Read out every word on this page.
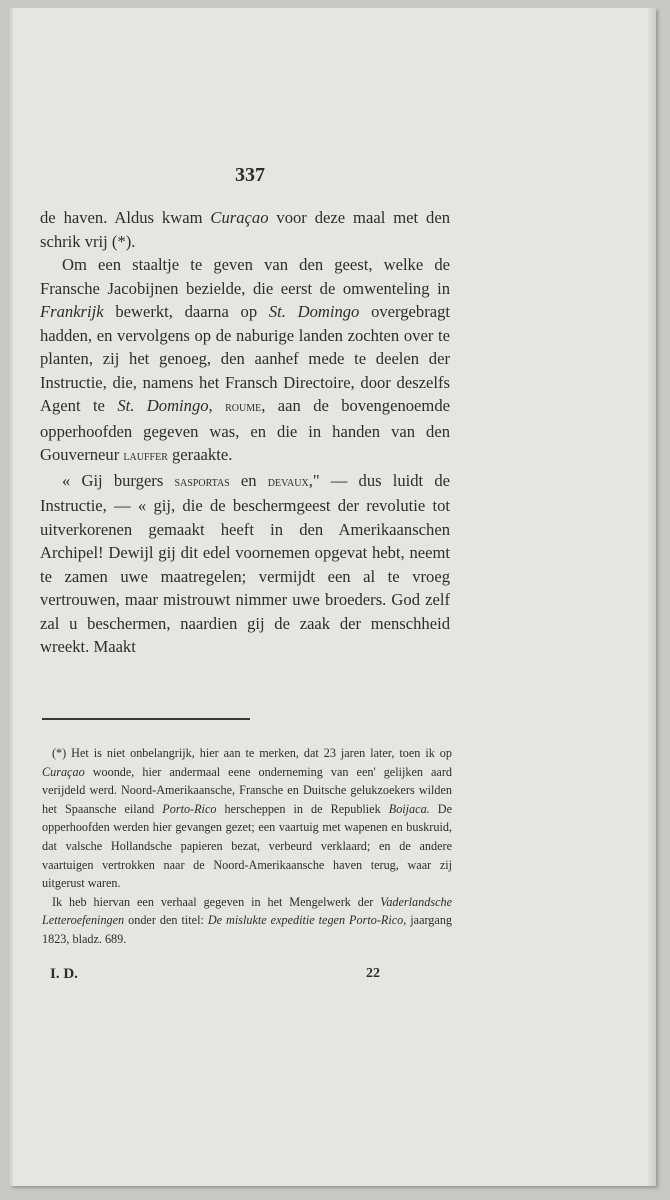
337

de haven. Aldus kwam Curaçao voor deze maal met den schrik vrij (*).

Om een staaltje te geven van den geest, welke de Fransche Jacobijnen bezielde, die eerst de omwenteling in Frankrijk bewerkt, daarna op St. Domingo overgebragt hadden, en vervolgens op de naburige landen zochten over te planten, zij het genoeg, den aanhef mede te deelen der Instructie, die, namens het Fransch Directoire, door deszelfs Agent te St. Domingo, roume, aan de bovengenoemde opperhoofden gegeven was, en die in handen van den Gouverneur lauffer geraakte.

« Gij burgers sasportas en devaux," — dus luidt de Instructie, — « gij, die de beschermgeest der revolutie tot uitverkorenen gemaakt heeft in den Amerikaanschen Archipel! Dewijl gij dit edel voornemen opgevat hebt, neemt te zamen uwe maatregelen; vermijdt een al te vroeg vertrouwen, maar mistrouwt nimmer uwe broeders. God zelf zal u beschermen, naardien gij de zaak der menschheid wreekt. Maakt

(*) Het is niet onbelangrijk, hier aan te merken, dat 23 jaren later, toen ik op Curaçao woonde, hier andermaal eene onderneming van een' gelijken aard verijdeld werd. Noord-Amerikaansche, Fransche en Duitsche gelukzoekers wilden het Spaansche eiland Porto-Rico herscheppen in de Republiek Boijaca. De opperhoofden werden hier gevangen gezet; een vaartuig met wapenen en buskruid, dat valsche Hollandsche papieren bezat, verbeurd verklaard; en de andere vaartuigen vertrokken naar de Noord-Amerikaansche haven terug, waar zij uitgerust waren.

Ik heb hiervan een verhaal gegeven in het Mengelwerk der Vaderlandsche Letteroefeningen onder den titel: De mislukte expeditie tegen Porto-Rico, jaargang 1823, bladz. 689.

I. D.	22
